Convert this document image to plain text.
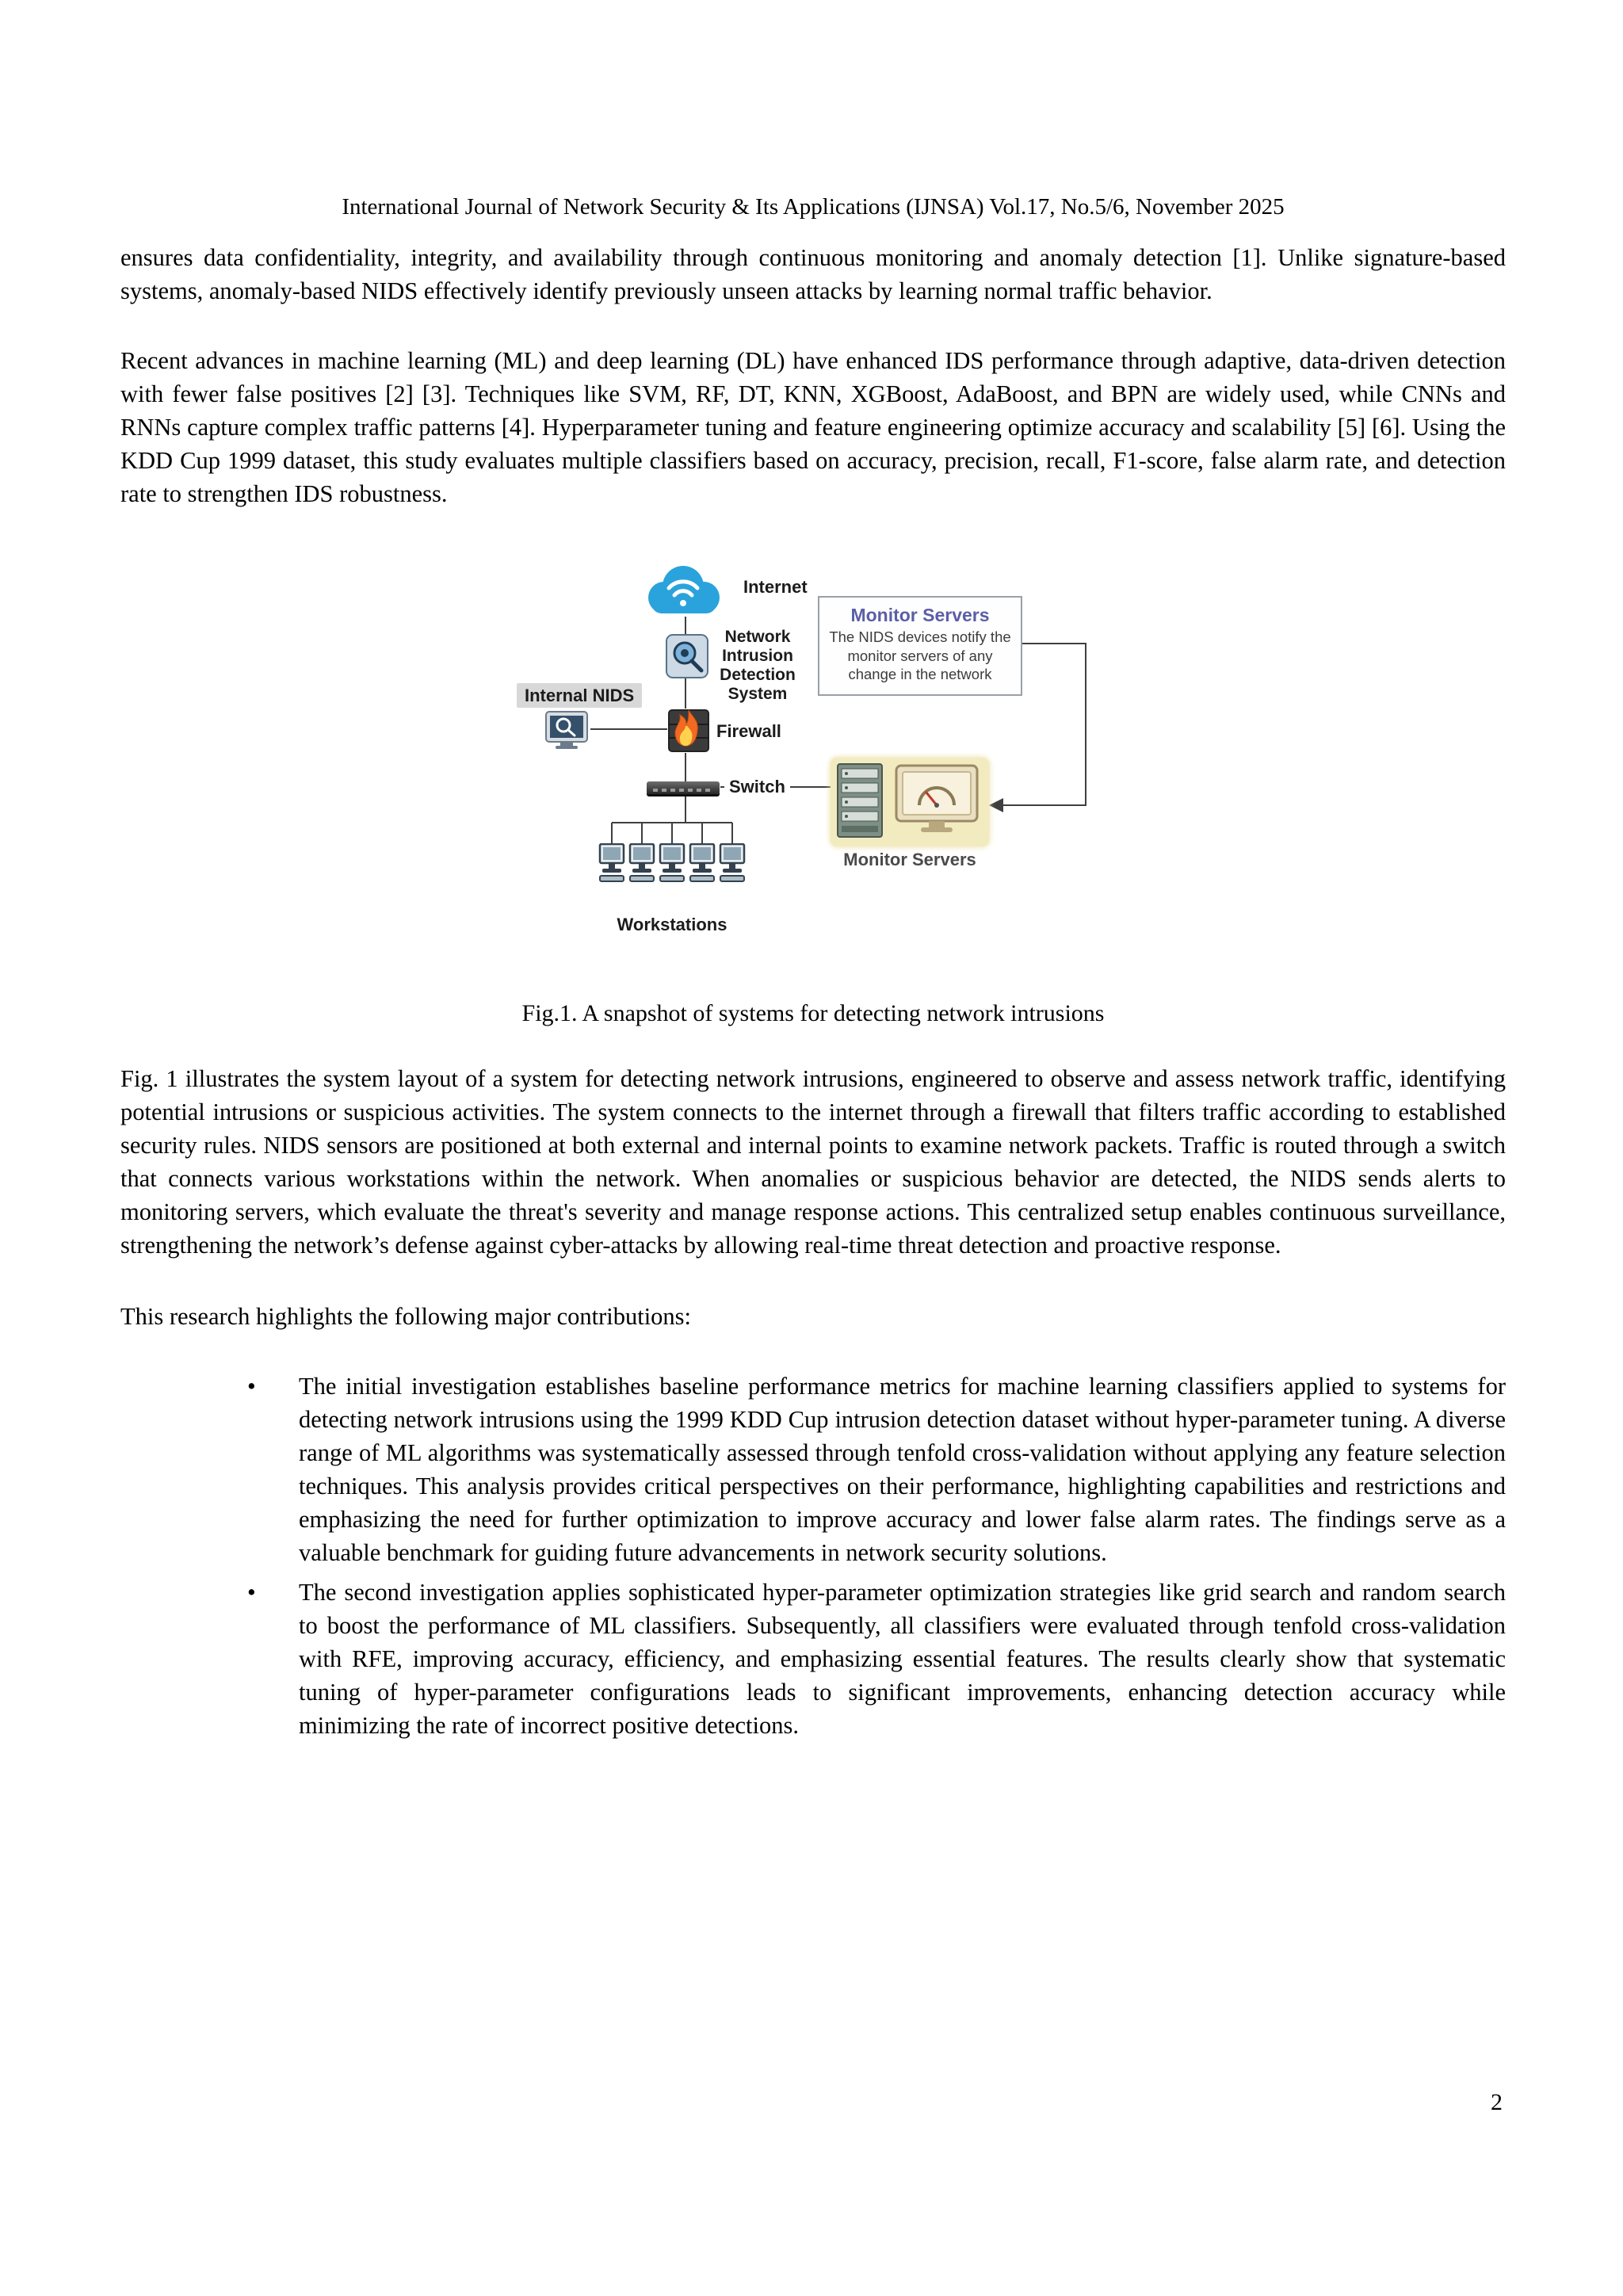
International Journal of Network Security & Its Applications (IJNSA) Vol.17, No.5/6, November 2025

ensures data confidentiality, integrity, and availability through continuous monitoring and anomaly detection [1]. Unlike signature-based systems, anomaly-based NIDS effectively identify previously unseen attacks by learning normal traffic behavior.

Recent advances in machine learning (ML) and deep learning (DL) have enhanced IDS performance through adaptive, data-driven detection with fewer false positives [2] [3]. Techniques like SVM, RF, DT, KNN, XGBoost, AdaBoost, and BPN are widely used, while CNNs and RNNs capture complex traffic patterns [4]. Hyperparameter tuning and feature engineering optimize accuracy and scalability [5] [6]. Using the KDD Cup 1999 dataset, this study evaluates multiple classifiers based on accuracy, precision, recall, F1-score, false alarm rate, and detection rate to strengthen IDS robustness.

Internet
Network Intrusion Detection System
Internal NIDS
Firewall
Switch
Workstations
Monitor Servers
The NIDS devices notify the monitor servers of any change in the network
Monitor Servers
Fig.1. A snapshot of systems for detecting network intrusions

Fig. 1 illustrates the system layout of a system for detecting network intrusions, engineered to observe and assess network traffic, identifying potential intrusions or suspicious activities. The system connects to the internet through a firewall that filters traffic according to established security rules. NIDS sensors are positioned at both external and internal points to examine network packets. Traffic is routed through a switch that connects various workstations within the network. When anomalies or suspicious behavior are detected, the NIDS sends alerts to monitoring servers, which evaluate the threat's severity and manage response actions. This centralized setup enables continuous surveillance, strengthening the network’s defense against cyber-attacks by allowing real-time threat detection and proactive response.

This research highlights the following major contributions:

• The initial investigation establishes baseline performance metrics for machine learning classifiers applied to systems for detecting network intrusions using the 1999 KDD Cup intrusion detection dataset without hyper-parameter tuning. A diverse range of ML algorithms was systematically assessed through tenfold cross-validation without applying any feature selection techniques. This analysis provides critical perspectives on their performance, highlighting capabilities and restrictions and emphasizing the need for further optimization to improve accuracy and lower false alarm rates. The findings serve as a valuable benchmark for guiding future advancements in network security solutions.
• The second investigation applies sophisticated hyper-parameter optimization strategies like grid search and random search to boost the performance of ML classifiers. Subsequently, all classifiers were evaluated through tenfold cross-validation with RFE, improving accuracy, efficiency, and emphasizing essential features. The results clearly show that systematic tuning of hyper-parameter configurations leads to significant improvements, enhancing detection accuracy while minimizing the rate of incorrect positive detections.
2
